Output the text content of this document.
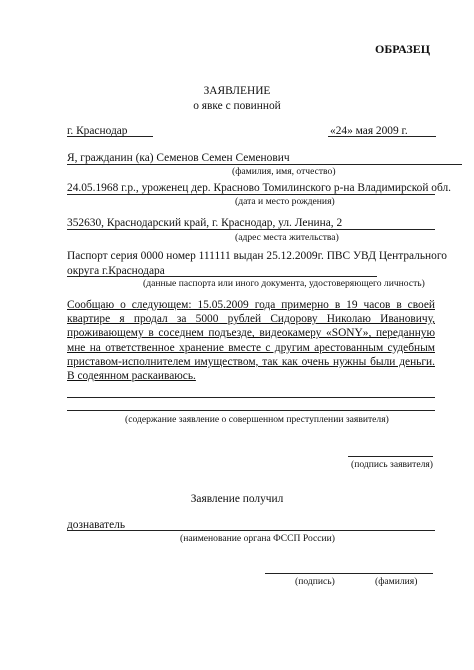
ОБРАЗЕЦ
ЗАЯВЛЕНИЕ
о явке с повинной
г. Краснодар	«24» мая 2009 г.
Я, гражданин (ка) Семенов Семен Семенович
(фамилия, имя, отчество)
24.05.1968 г.р., уроженец дер. Красново Томилинского р-на Владимирской обл.
(дата и место рождения)
352630, Краснодарский край, г. Краснодар, ул. Ленина, 2
(адрес места жительства)
Паспорт серия 0000 номер 111111 выдан 25.12.2009г. ПВС УВД Центрального
округа г.Краснодара
(данные паспорта или иного документа, удостоверяющего личность)
Сообщаю о следующем: 15.05.2009 года примерно в 19 часов в своей квартире я продал за 5000 рублей Сидорову Николаю Ивановичу, проживающему в соседнем подъезде, видеокамеру «SONY», переданную мне на ответственное хранение вместе с другим арестованным судебным приставом-исполнителем имуществом, так как очень нужны были деньги. В содеянном раскаиваюсь.
(содержание заявление о совершенном преступлении заявителя)
(подпись заявителя)
Заявление получил
дознаватель
(наименование органа ФССП России)
(подпись)	(фамилия)
